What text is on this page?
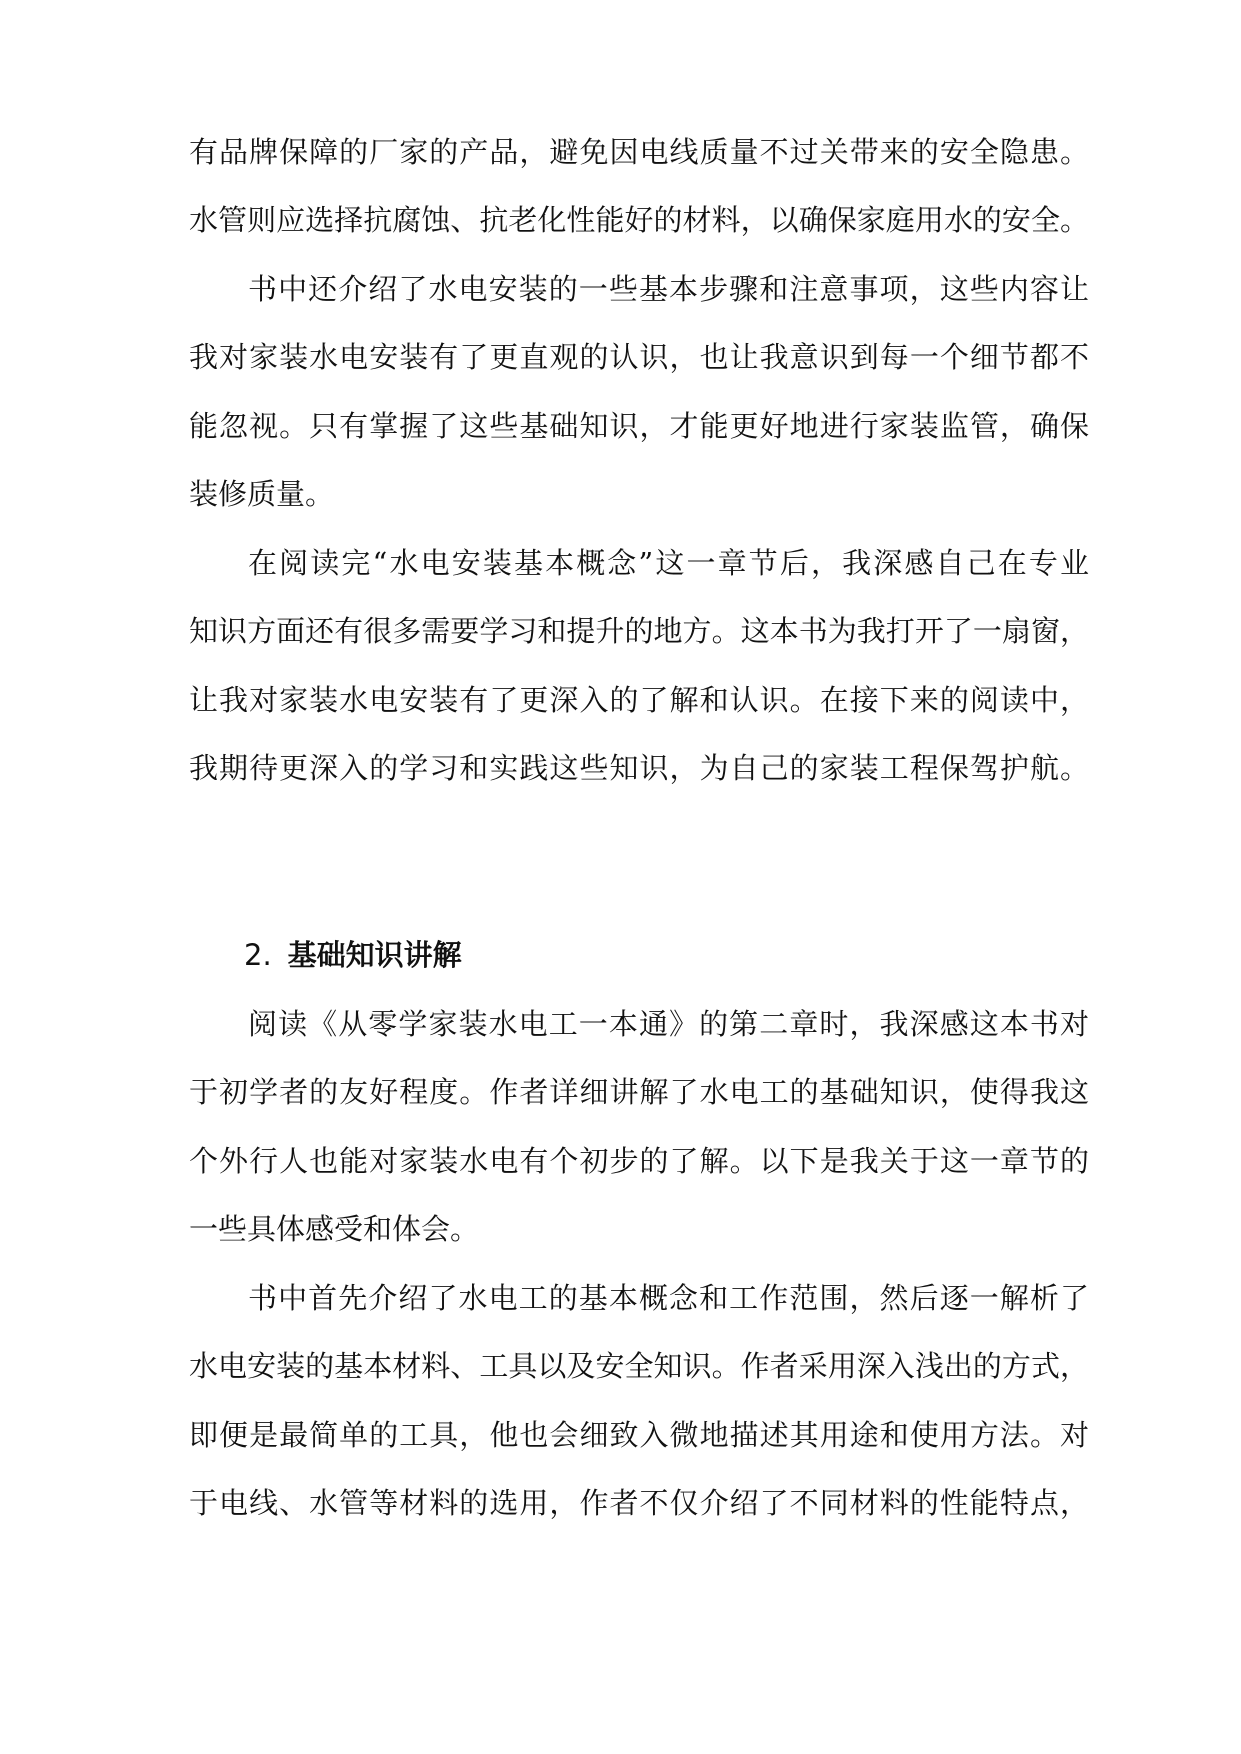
有品牌保障的厂家的产品，避免因电线质量不过关带来的安全隐患。
水管则应选择抗腐蚀、抗老化性能好的材料，以确保家庭用水的安全。
书中还介绍了水电安装的一些基本步骤和注意事项，这些内容让
我对家装水电安装有了更直观的认识，也让我意识到每一个细节都不
能忽视。只有掌握了这些基础知识，才能更好地进行家装监管，确保
装修质量。
在阅读完“水电安装基本概念”这一章节后，我深感自己在专业
知识方面还有很多需要学习和提升的地方。这本书为我打开了一扇窗，
让我对家装水电安装有了更深入的了解和认识。在接下来的阅读中，
我期待更深入的学习和实践这些知识，为自己的家装工程保驾护航。
2. 基础知识讲解
阅读《从零学家装水电工一本通》的第二章时，我深感这本书对
于初学者的友好程度。作者详细讲解了水电工的基础知识，使得我这
个外行人也能对家装水电有个初步的了解。以下是我关于这一章节的
一些具体感受和体会。
书中首先介绍了水电工的基本概念和工作范围，然后逐一解析了
水电安装的基本材料、工具以及安全知识。作者采用深入浅出的方式，
即便是最简单的工具，他也会细致入微地描述其用途和使用方法。对
于电线、水管等材料的选用，作者不仅介绍了不同材料的性能特点，
